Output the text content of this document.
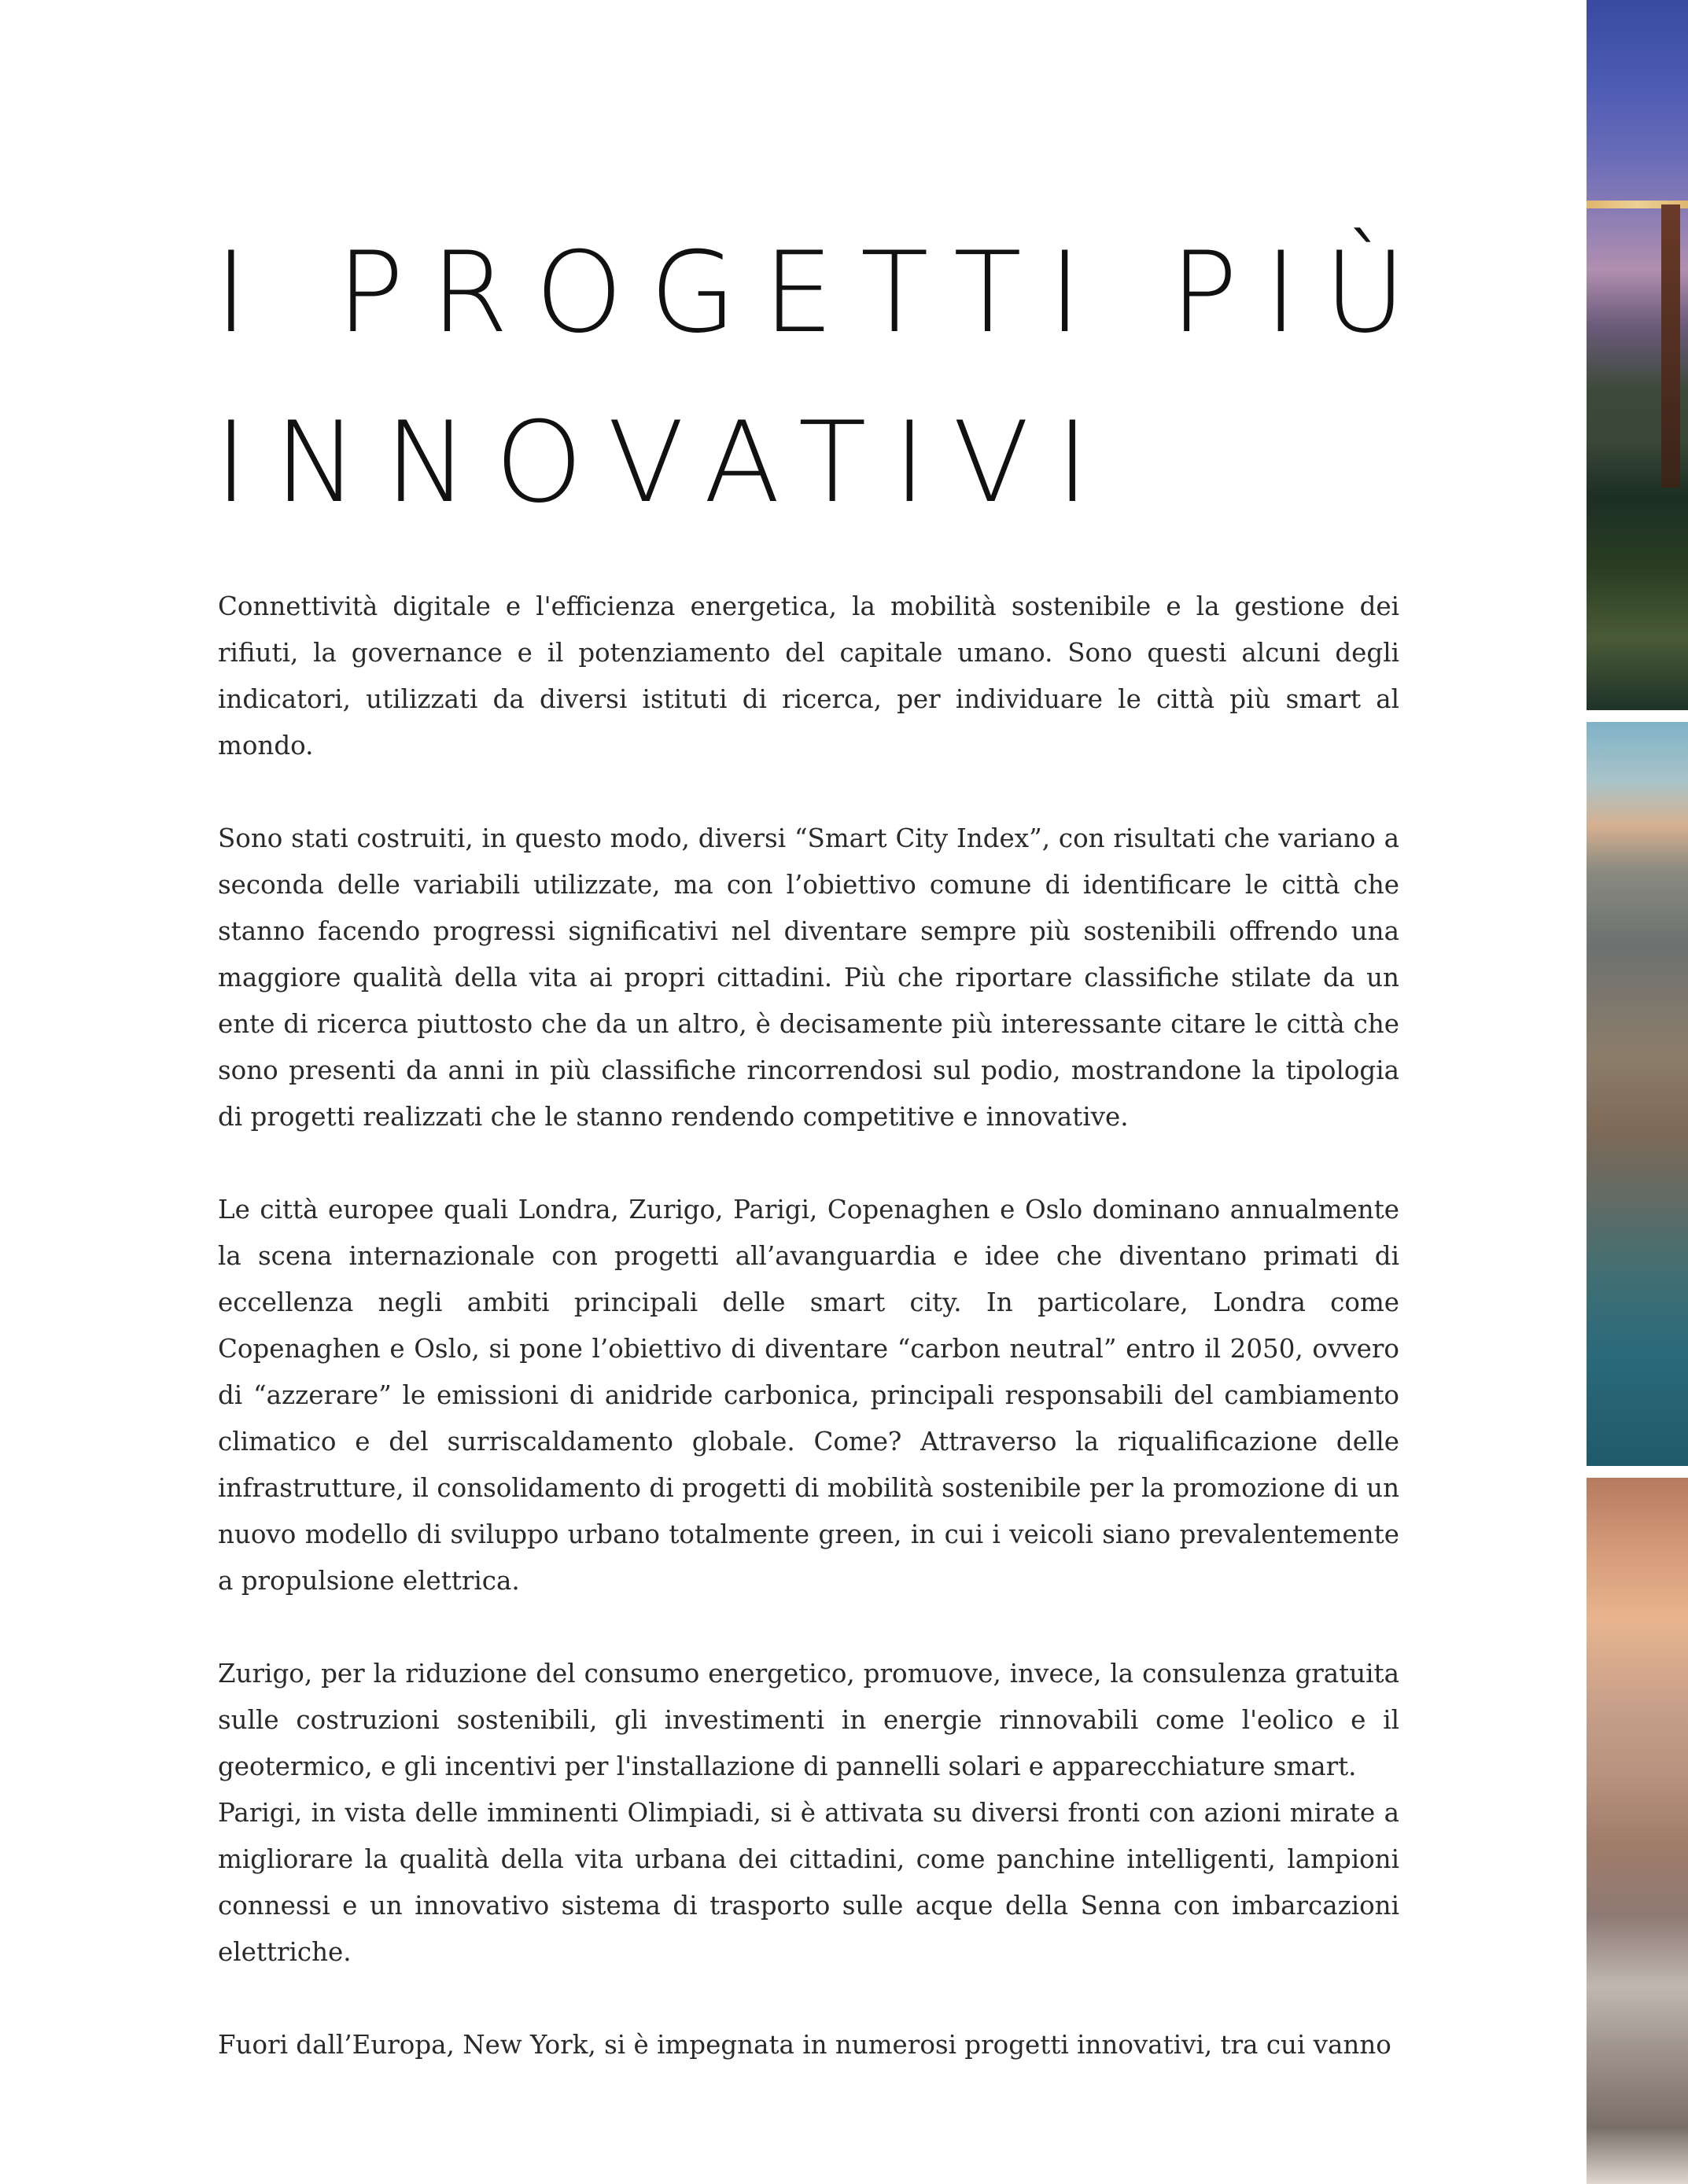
I PROGETTI PIÙ
INNOVATIVI

Connettività digitale e l'efficienza energetica, la mobilità sostenibile e la gestione dei rifiuti, la governance e il potenziamento del capitale umano. Sono questi alcuni degli indicatori, utilizzati da diversi istituti di ricerca, per individuare le città più smart al mondo.

Sono stati costruiti, in questo modo, diversi “Smart City Index”, con risultati che variano a seconda delle variabili utilizzate, ma con l’obiettivo comune di identificare le città che stanno facendo progressi significativi nel diventare sempre più sostenibili offrendo una maggiore qualità della vita ai propri cittadini. Più che riportare classifiche stilate da un ente di ricerca piuttosto che da un altro, è decisamente più interessante citare le città che sono presenti da anni in più classifiche rincorrendosi sul podio, mostrandone la tipologia di progetti realizzati che le stanno rendendo competitive e innovative.

Le città europee quali Londra, Zurigo, Parigi, Copenaghen e Oslo dominano annualmente la scena internazionale con progetti all’avanguardia e idee che diventano primati di eccellenza negli ambiti principali delle smart city. In particolare, Londra come Copenaghen e Oslo, si pone l’obiettivo di diventare “carbon neutral” entro il 2050, ovvero di “azzerare” le emissioni di anidride carbonica, principali responsabili del cambiamento climatico e del surriscaldamento globale. Come? Attraverso la riqualificazione delle infrastrutture, il consolidamento di progetti di mobilità sostenibile per la promozione di un nuovo modello di sviluppo urbano totalmente green, in cui i veicoli siano prevalentemente a propulsione elettrica.

Zurigo, per la riduzione del consumo energetico, promuove, invece, la consulenza gratuita sulle costruzioni sostenibili, gli investimenti in energie rinnovabili come l'eolico e il geotermico, e gli incentivi per l'installazione di pannelli solari e apparecchiature smart.

Parigi, in vista delle imminenti Olimpiadi, si è attivata su diversi fronti con azioni mirate a migliorare la qualità della vita urbana dei cittadini, come panchine intelligenti, lampioni connessi e un innovativo sistema di trasporto sulle acque della Senna con imbarcazioni elettriche.

Fuori dall’Europa, New York, si è impegnata in numerosi progetti innovativi, tra cui vanno
